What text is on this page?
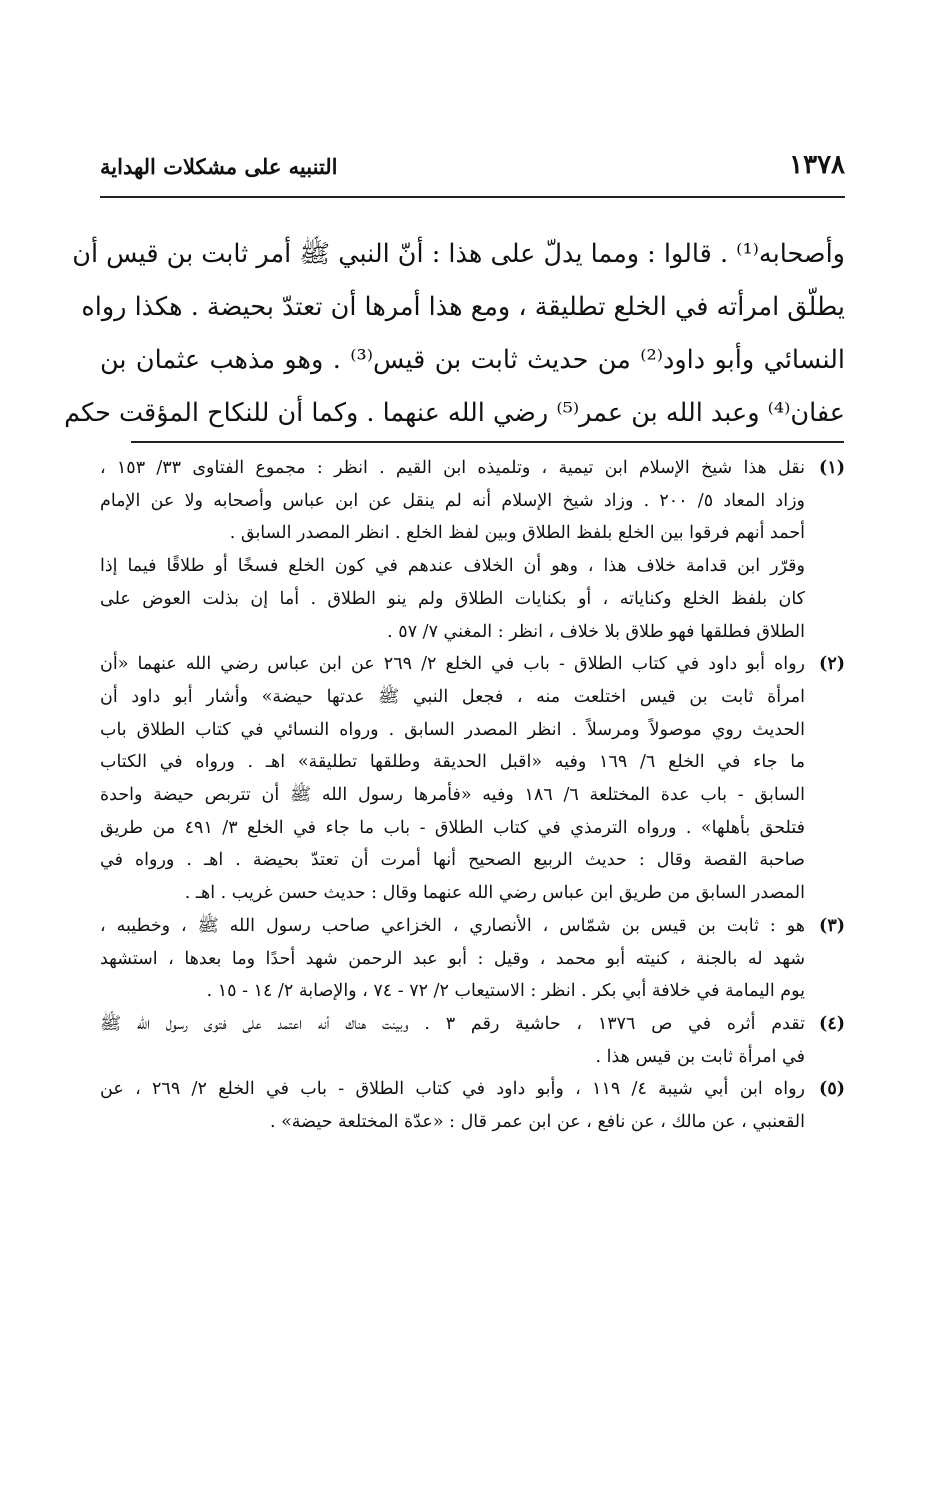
١٣٧٨
التنبيه على مشكلات الهداية
وأصحابه⁽¹⁾ . قالوا : ومما يدلّ على هذا : أنّ النبي ﷺ أمر ثابت بن قيس أن
يطلّق امرأته في الخلع تطليقة ، ومع هذا أمرها أن تعتدّ بحيضة . هكذا رواه
النسائي وأبو داود⁽²⁾ من حديث ثابت بن قيس⁽³⁾ . وهو مذهب عثمان بن
عفان⁽⁴⁾ وعبد الله بن عمر⁽⁵⁾ رضي الله عنهما . وكما أن للنكاح المؤقت حكم
(١)
نقل هذا شيخ الإسلام ابن تيمية ، وتلميذه ابن القيم . انظر : مجموع الفتاوى ٣٣/ ١٥٣ ،
وزاد المعاد ٥/ ٢٠٠ . وزاد شيخ الإسلام أنه لم ينقل عن ابن عباس وأصحابه ولا عن الإمام
أحمد أنهم فرقوا بين الخلع بلفظ الطلاق وبين لفظ الخلع . انظر المصدر السابق .
وقرّر ابن قدامة خلاف هذا ، وهو أن الخلاف عندهم في كون الخلع فسخًا أو طلاقًا فيما إذا
كان بلفظ الخلع وكناياته ، أو بكنايات الطلاق ولم ينو الطلاق . أما إن بذلت العوض على
الطلاق فطلقها فهو طلاق بلا خلاف ، انظر : المغني ٧/ ٥٧ .
(٢)
رواه أبو داود في كتاب الطلاق - باب في الخلع ٢/ ٢٦٩ عن ابن عباس رضي الله عنهما «أن
امرأة ثابت بن قيس اختلعت منه ، فجعل النبي ﷺ عدتها حيضة» وأشار أبو داود أن
الحديث روي موصولاً ومرسلاً . انظر المصدر السابق . ورواه النسائي في كتاب الطلاق باب
ما جاء في الخلع ٦/ ١٦٩ وفيه «اقبل الحديقة وطلقها تطليقة» اهـ . ورواه في الكتاب
السابق - باب عدة المختلعة ٦/ ١٨٦ وفيه «فأمرها رسول الله ﷺ أن تتربص حيضة واحدة
فتلحق بأهلها» . ورواه الترمذي في كتاب الطلاق - باب ما جاء في الخلع ٣/ ٤٩١ من طريق
صاحبة القصة وقال : حديث الربيع الصحيح أنها أمرت أن تعتدّ بحيضة . اهـ . ورواه في
المصدر السابق من طريق ابن عباس رضي الله عنهما وقال : حديث حسن غريب . اهـ .
(٣)
هو : ثابت بن قيس بن شمّاس ، الأنصاري ، الخزاعي صاحب رسول الله ﷺ ، وخطيبه ،
شهد له بالجنة ، كنيته أبو محمد ، وقيل : أبو عبد الرحمن شهد أحدًا وما بعدها ، استشهد
يوم اليمامة في خلافة أبي بكر . انظر : الاستيعاب ٢/ ٧٢ - ٧٤ ، والإصابة ٢/ ١٤ - ١٥ .
(٤)
تقدم أثره في ص ١٣٧٦ ، حاشية رقم ٣ . وبينت هناك أنه اعتمد على فتوى رسول الله ﷺ
في امرأة ثابت بن قيس هذا .
(٥)
رواه ابن أبي شيبة ٤/ ١١٩ ، وأبو داود في كتاب الطلاق - باب في الخلع ٢/ ٢٦٩ ، عن
القعنبي ، عن مالك ، عن نافع ، عن ابن عمر قال : «عدّة المختلعة حيضة» .
